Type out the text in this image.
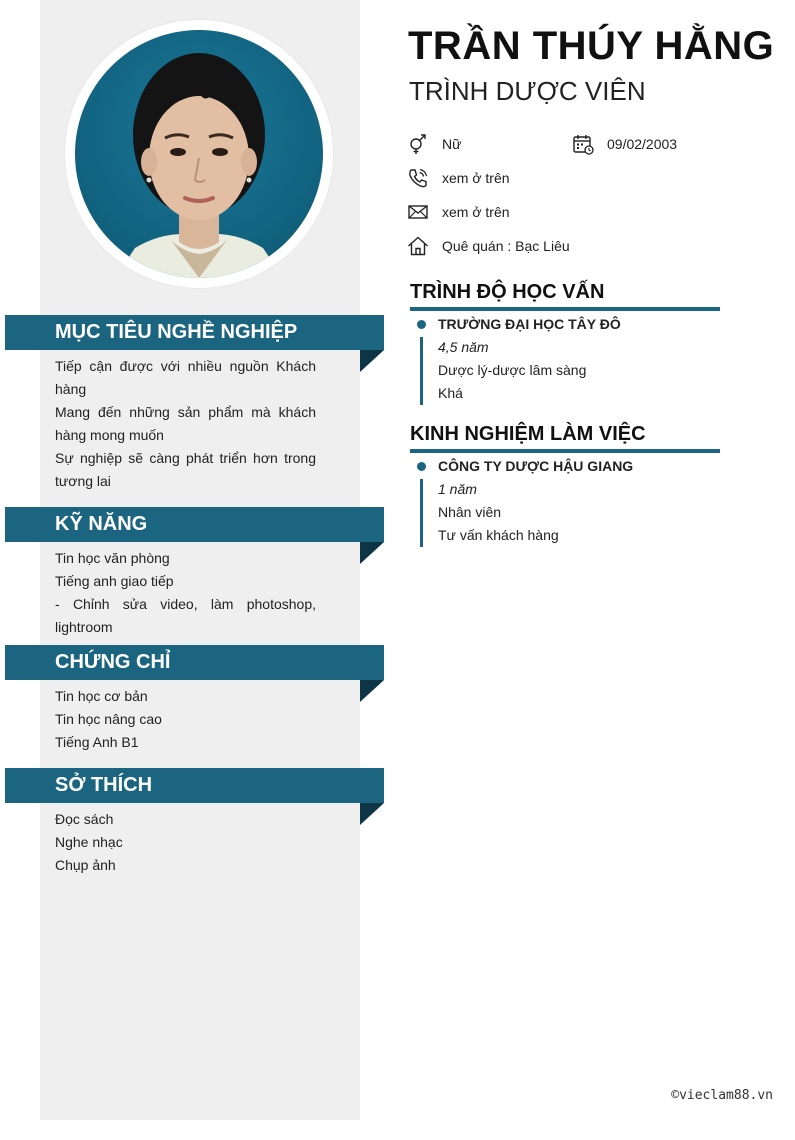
MỤC TIÊU NGHỀ NGHIỆP
Tiếp cận được với nhiều nguồn Khách hàng
Mang đến những sản phẩm mà khách hàng mong muốn
Sự nghiệp sẽ càng phát triển hơn trong tương lai
KỸ NĂNG
Tin học văn phòng
Tiếng anh giao tiếp
- Chỉnh sửa video, làm photoshop, lightroom
CHỨNG CHỈ
Tin học cơ bản
Tin học nâng cao
Tiếng Anh B1
SỞ THÍCH
Đọc sách
Nghe nhạc
Chụp ảnh
TRẦN THÚY HẰNG
TRÌNH DƯỢC VIÊN
Nữ	09/02/2003
xem ở trên
xem ở trên
Quê quán : Bạc Liêu
TRÌNH ĐỘ HỌC VẤN
TRƯỜNG ĐẠI HỌC TÂY ĐÔ
4,5 năm
Dược lý-dược lâm sàng
Khá
KINH NGHIỆM LÀM VIỆC
CÔNG TY DƯỢC HẬU GIANG
1 năm
Nhân viên
Tư vấn khách hàng
©vieclam88.vn
